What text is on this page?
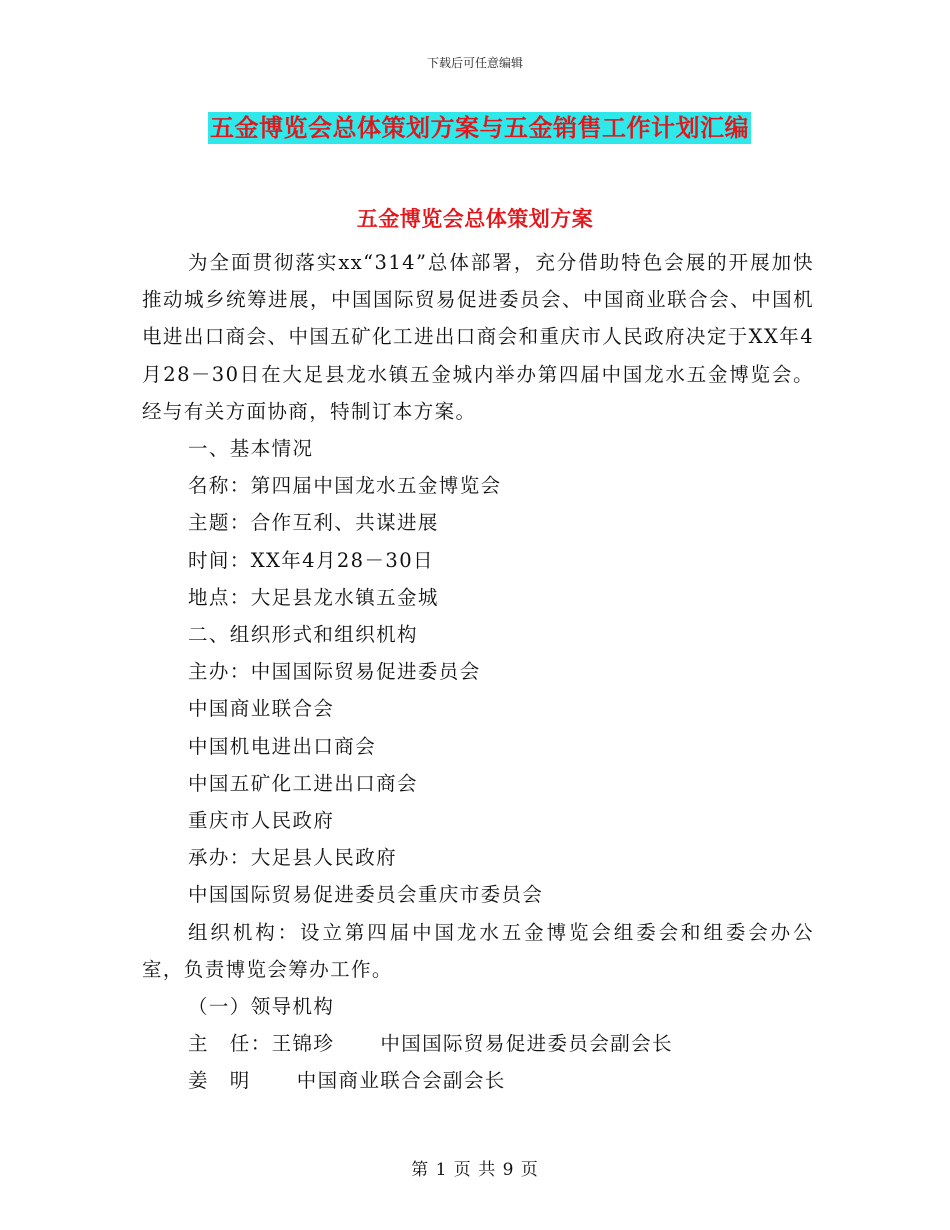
下载后可任意编辑
五金博览会总体策划方案与五金销售工作计划汇编
五金博览会总体策划方案

为全面贯彻落实xx“314”总体部署，充分借助特色会展的开展加快推动城乡统筹进展，中国国际贸易促进委员会、中国商业联合会、中国机电进出口商会、中国五矿化工进出口商会和重庆市人民政府决定于XX年4月28－30日在大足县龙水镇五金城内举办第四届中国龙水五金博览会。经与有关方面协商，特制订本方案。

一、基本情况

名称：第四届中国龙水五金博览会

主题：合作互利、共谋进展

时间：XX年4月28－30日

地点：大足县龙水镇五金城

二、组织形式和组织机构

主办：中国国际贸易促进委员会

中国商业联合会

中国机电进出口商会

中国五矿化工进出口商会

重庆市人民政府

承办：大足县人民政府

中国国际贸易促进委员会重庆市委员会

组织机构：设立第四届中国龙水五金博览会组委会和组委会办公室，负责博览会筹办工作。

（一）领导机构

主　任：王锦珍 中国国际贸易促进委员会副会长

姜　明 中国商业联合会副会长

第 1 页 共 9 页
